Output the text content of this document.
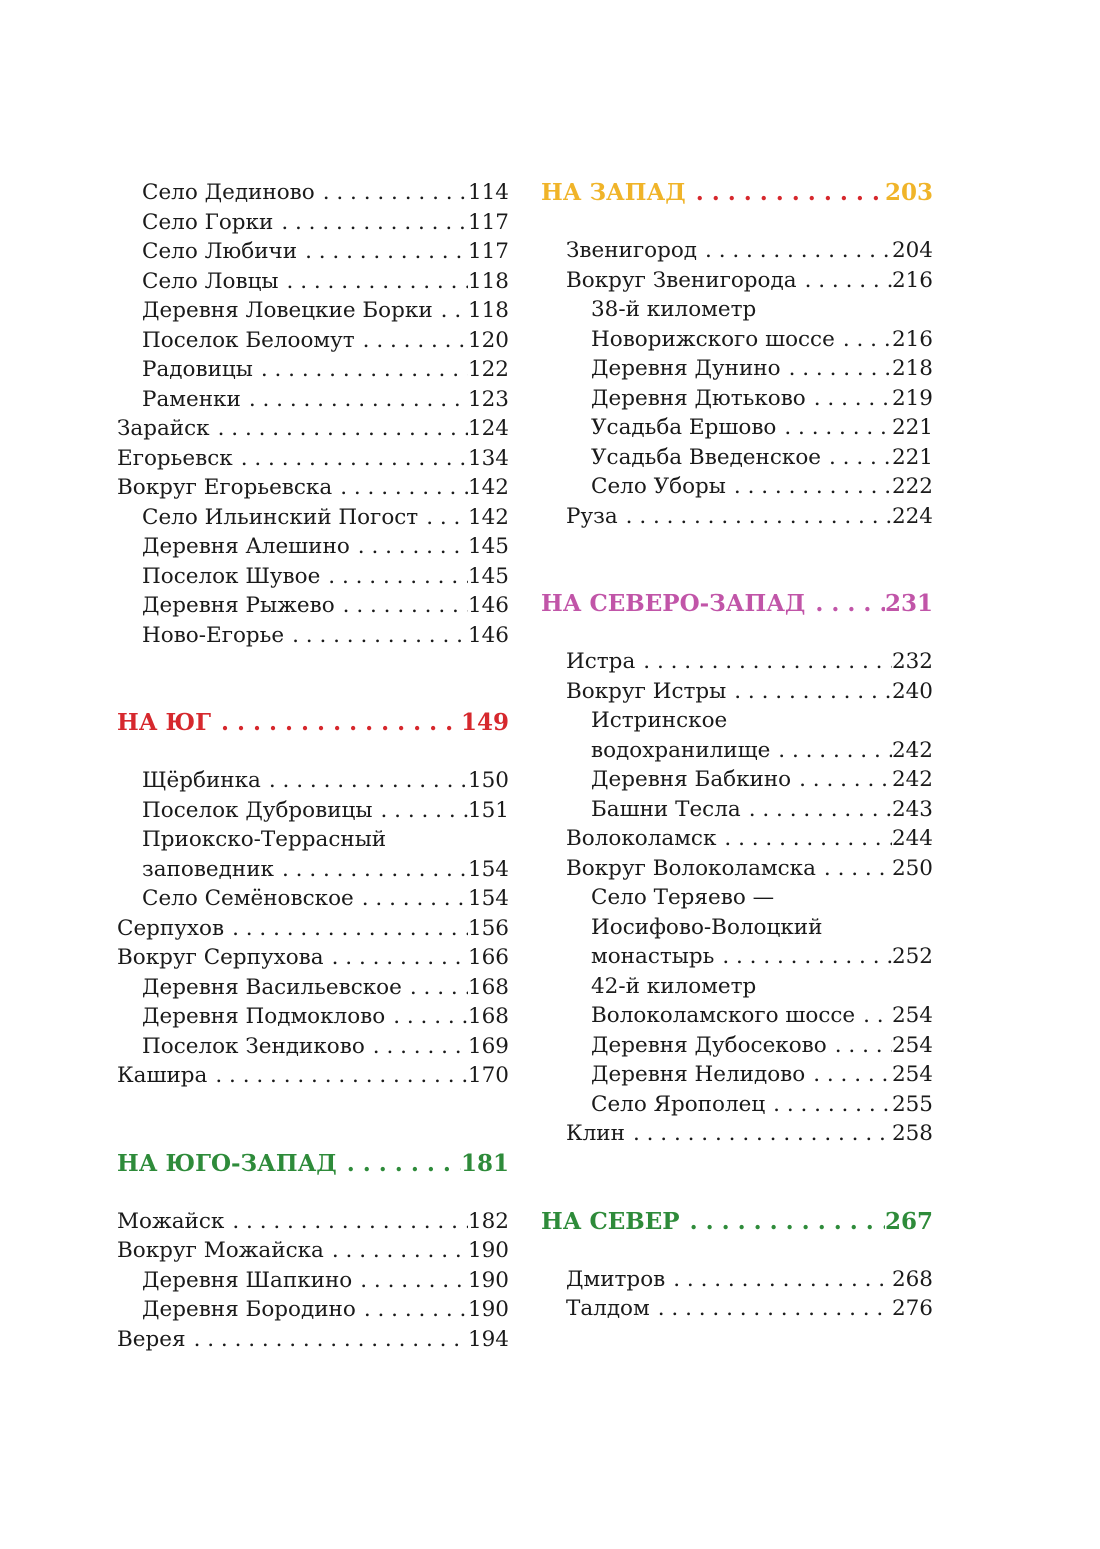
Село Дединово . . .	114
Село Горки . . .	117
Село Любичи . . .	117
Село Ловцы . . .	118
Деревня Ловецкие Борки . . . 118
Поселок Белоомут . . .	120
Радовицы . . .	122
Раменки . . .	123
Зарайск . . .	124
Егорьевск . . .	134
Вокруг Егорьевска . . .	142
Село Ильинский Погост . . . 142
Деревня Алешино . . .	145
Поселок Шувое . . .	145
Деревня Рыжево . . .	146
Ново-Егорье . . .	146
НА ЮГ . . .	149
Щёрбинка . . .	150
Поселок Дубровицы . . .	151
Приокско-Террасный
заповедник . . .	154
Село Семёновское . . .	154
Серпухов . . .	156
Вокруг Серпухова . . .	166
Деревня Васильевское . . .	168
Деревня Подмоклово . . .	168
Поселок Зендиково . . .	169
Кашира . . .	170
НА ЮГО-ЗАПАД . . .	181
Можайск . . .	182
Вокруг Можайска . . .	190
Деревня Шапкино . . .	190
Деревня Бородино . . .	190
Верея . . .	194
НА ЗАПАД . . .	203
Звенигород . . .	204
Вокруг Звенигорода . . .	216
38-й километр
Новорижского шоссе . . .	216
Деревня Дунино . . .	218
Деревня Дютьково . . .	219
Усадьба Ершово . . .	221
Усадьба Введенское . . .	221
Село Уборы . . .	222
Руза . . .	224
НА СЕВЕРО-ЗАПАД . . .	231
Истра . . .	232
Вокруг Истры . . .	240
Истринское
водохранилище . . .	242
Деревня Бабкино . . .	242
Башни Тесла . . .	243
Волоколамск . . .	244
Вокруг Волоколамска . . .	250
Село Теряево —
Иосифово-Волоцкий
монастырь . . .	252
42-й километр
Волоколамского шоссе . . . 254
Деревня Дубосеково . . .	254
Деревня Нелидово . . .	254
Село Ярополец . . .	255
Клин . . .	258
НА СЕВЕР . . .	267
Дмитров . . .	268
Талдом . . .	276
